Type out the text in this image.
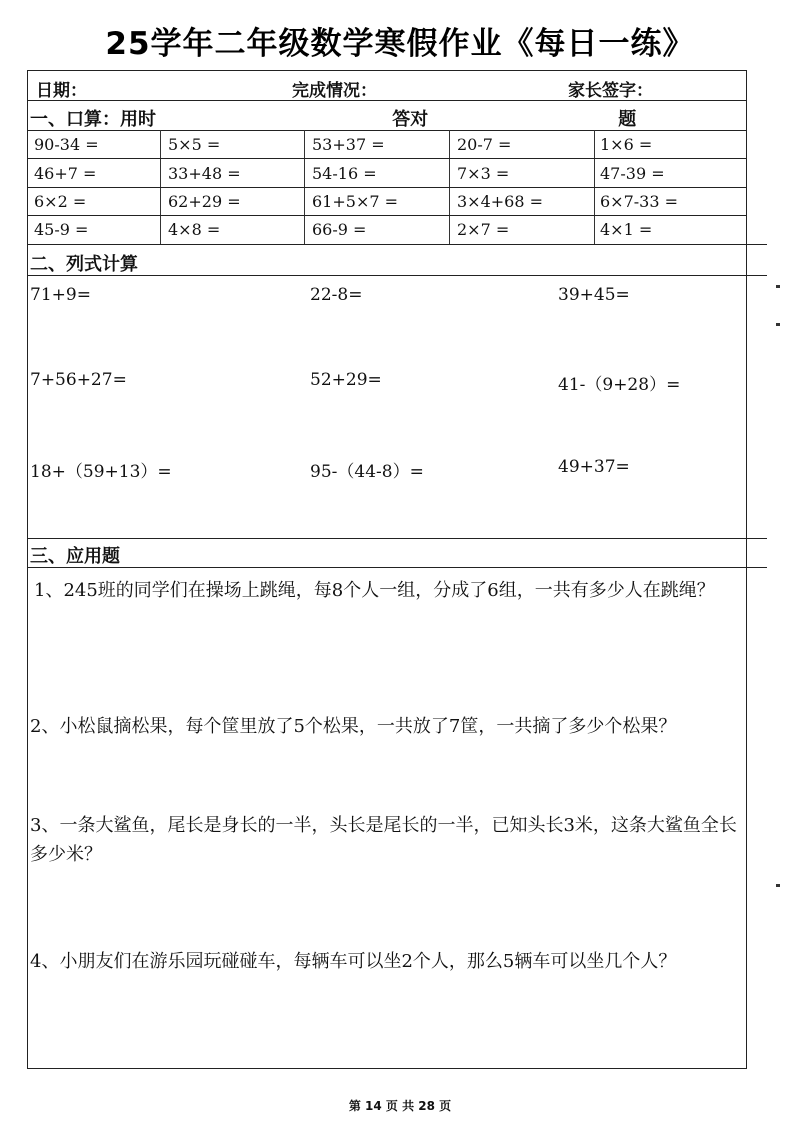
25学年二年级数学寒假作业《每日一练》
日期：	完成情况：	家长签字：
一、口算：用时	答对	题
90-34 =	5×5 =	53+37 =	20-7 =	1×6 =
46+7 =	33+48 =	54-16 =	7×3 =	47-39 =
6×2 =	62+29 =	61+5×7 =	3×4+68 =	6×7-33 =
45-9 =	4×8 =	66-9 =	2×7 =	4×1 =
二、列式计算
71+9=	22-8=	39+45=
7+56+27=	52+29=	41-（9+28）=
18+（59+13）=	95-（44-8）=	49+37=
三、应用题
1、245班的同学们在操场上跳绳，每8个人一组，分成了6组，一共有多少人在跳绳？
2、小松鼠摘松果，每个筐里放了5个松果，一共放了7筐，一共摘了多少个松果？
3、一条大鲨鱼，尾长是身长的一半，头长是尾长的一半，已知头长3米，这条大鲨鱼全长多少米？
4、小朋友们在游乐园玩碰碰车，每辆车可以坐2个人，那么5辆车可以坐几个人？
第 14 页 共 28 页
